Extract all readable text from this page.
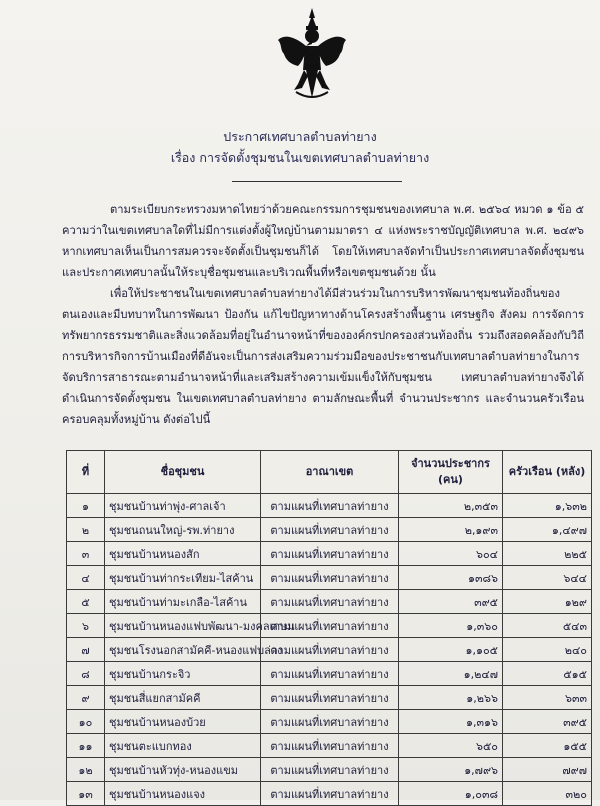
ประกาศเทศบาลตำบลท่ายาง
เรื่อง การจัดตั้งชุมชนในเขตเทศบาลตำบลท่ายาง

ตามระเบียบกระทรวงมหาดไทยว่าด้วยคณะกรรมการชุมชนของเทศบาล พ.ศ. ๒๕๖๔ หมวด ๑ ข้อ ๕ ความว่าในเขตเทศบาลใดที่ไม่มีการแต่งตั้งผู้ใหญ่บ้านตามมาตรา ๔ แห่งพระราชบัญญัติเทศบาล พ.ศ. ๒๔๙๖ หากเทศบาลเห็นเป็นการสมควรจะจัดตั้งเป็นชุมชนก็ได้ โดยให้เทศบาลจัดทำเป็นประกาศเทศบาลจัดตั้งชุมชน และประกาศเทศบาลนั้นให้ระบุชื่อชุมชนและบริเวณพื้นที่หรือเขตชุมชนด้วย นั้น

เพื่อให้ประชาชนในเขตเทศบาลตำบลท่ายางได้มีส่วนร่วมในการบริหารพัฒนาชุมชนท้องถิ่นของตนเองและมีบทบาทในการพัฒนา ป้องกัน แก้ไขปัญหาทางด้านโครงสร้างพื้นฐาน เศรษฐกิจ สังคม การจัดการทรัพยากรธรรมชาติและสิ่งแวดล้อมที่อยู่ในอำนาจหน้าที่ขององค์กรปกครองส่วนท้องถิ่น รวมถึงสอดคล้องกับวิถีการบริหารกิจการบ้านเมืองที่ดีอันจะเป็นการส่งเสริมความร่วมมือของประชาชนกับเทศบาลตำบลท่ายางในการจัดบริการสาธารณะตามอำนาจหน้าที่และเสริมสร้างความเข้มแข็งให้กับชุมชน เทศบาลตำบลท่ายางจึงได้ดำเนินการจัดตั้งชุมชน ในเขตเทศบาลตำบลท่ายาง ตามลักษณะพื้นที่ จำนวนประชากร และจำนวนครัวเรือนครอบคลุมทั้งหมู่บ้าน ดังต่อไปนี้

ที่	ชื่อชุมชน	อาณาเขต	จำนวนประชากร (คน)	ครัวเรือน (หลัง)
๑	ชุมชนบ้านท่าพุ่ง-ศาลเจ้า	ตามแผนที่เทศบาลท่ายาง	๒,๓๕๓	๑,๖๓๒
๒	ชุมชนถนนใหญ่-รพ.ท่ายาง	ตามแผนที่เทศบาลท่ายาง	๒,๑๙๓	๑,๔๙๗
๓	ชุมชนบ้านหนองสัก	ตามแผนที่เทศบาลท่ายาง	๖๐๔	๒๒๕
๔	ชุมชนบ้านท่ากระเทียม-ไสค้าน	ตามแผนที่เทศบาลท่ายาง	๑๓๘๖	๖๔๔
๕	ชุมชนบ้านท่ามะเกลือ-ไสค้าน	ตามแผนที่เทศบาลท่ายาง	๓๙๕	๑๒๙
๖	ชุมชนบ้านหนองแฟบพัฒนา-มงคลเกษม	ตามแผนที่เทศบาลท่ายาง	๑,๓๖๐	๕๔๓
๗	ชุมชนโรงนอกสามัคคี-หนองแฟบล่าง	ตามแผนที่เทศบาลท่ายาง	๑,๑๐๕	๒๔๐
๘	ชุมชนบ้านกระจิว	ตามแผนที่เทศบาลท่ายาง	๑,๒๔๗	๕๑๕
๙	ชุมชนสี่แยกสามัคคี	ตามแผนที่เทศบาลท่ายาง	๑,๒๖๖	๖๓๓
๑๐	ชุมชนบ้านหนองบ้วย	ตามแผนที่เทศบาลท่ายาง	๑,๓๑๖	๓๙๕
๑๑	ชุมชนตะแบกทอง	ตามแผนที่เทศบาลท่ายาง	๖๕๐	๑๕๕
๑๒	ชุมชนบ้านหัวทุ่ง-หนองแขม	ตามแผนที่เทศบาลท่ายาง	๑,๗๙๖	๗๙๗
๑๓	ชุมชนบ้านหนองแจง	ตามแผนที่เทศบาลท่ายาง	๑,๐๓๘	๓๒๐
